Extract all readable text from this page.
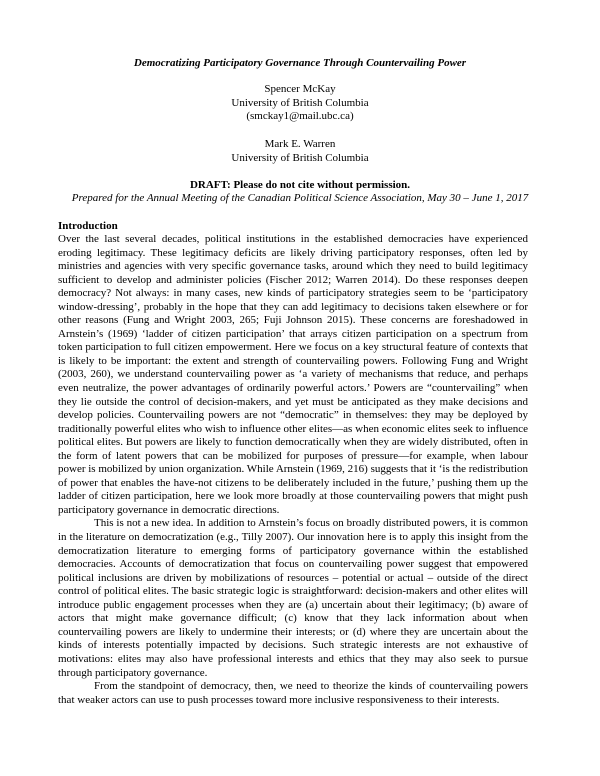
Democratizing Participatory Governance Through Countervailing Power
Spencer McKay
University of British Columbia
(smckay1@mail.ubc.ca)
Mark E. Warren
University of British Columbia
DRAFT: Please do not cite without permission.
Prepared for the Annual Meeting of the Canadian Political Science Association, May 30 – June 1, 2017
Introduction

Over the last several decades, political institutions in the established democracies have experienced eroding legitimacy. These legitimacy deficits are likely driving participatory responses, often led by ministries and agencies with very specific governance tasks, around which they need to build legitimacy sufficient to develop and administer policies (Fischer 2012; Warren 2014). Do these responses deepen democracy? Not always: in many cases, new kinds of participatory strategies seem to be ‘participatory window-dressing’, probably in the hope that they can add legitimacy to decisions taken elsewhere or for other reasons (Fung and Wright 2003, 265; Fuji Johnson 2015). These concerns are foreshadowed in Arnstein’s (1969) ‘ladder of citizen participation’ that arrays citizen participation on a spectrum from token participation to full citizen empowerment. Here we focus on a key structural feature of contexts that is likely to be important: the extent and strength of countervailing powers. Following Fung and Wright (2003, 260), we understand countervailing power as ‘a variety of mechanisms that reduce, and perhaps even neutralize, the power advantages of ordinarily powerful actors.’ Powers are “countervailing” when they lie outside the control of decision-makers, and yet must be anticipated as they make decisions and develop policies. Countervailing powers are not “democratic” in themselves: they may be deployed by traditionally powerful elites who wish to influence other elites—as when economic elites seek to influence political elites. But powers are likely to function democratically when they are widely distributed, often in the form of latent powers that can be mobilized for purposes of pressure—for example, when labour power is mobilized by union organization. While Arnstein (1969, 216) suggests that it ‘is the redistribution of power that enables the have-not citizens to be deliberately included in the future,’ pushing them up the ladder of citizen participation, here we look more broadly at those countervailing powers that might push participatory governance in democratic directions.

This is not a new idea. In addition to Arnstein’s focus on broadly distributed powers, it is common in the literature on democratization (e.g., Tilly 2007). Our innovation here is to apply this insight from the democratization literature to emerging forms of participatory governance within the established democracies. Accounts of democratization that focus on countervailing power suggest that empowered political inclusions are driven by mobilizations of resources – potential or actual – outside of the direct control of political elites. The basic strategic logic is straightforward: decision-makers and other elites will introduce public engagement processes when they are (a) uncertain about their legitimacy; (b) aware of actors that might make governance difficult; (c) know that they lack information about when countervailing powers are likely to undermine their interests; or (d) where they are uncertain about the kinds of interests potentially impacted by decisions. Such strategic interests are not exhaustive of motivations: elites may also have professional interests and ethics that they may also seek to pursue through participatory governance.

From the standpoint of democracy, then, we need to theorize the kinds of countervailing powers that weaker actors can use to push processes toward more inclusive responsiveness to their interests.
